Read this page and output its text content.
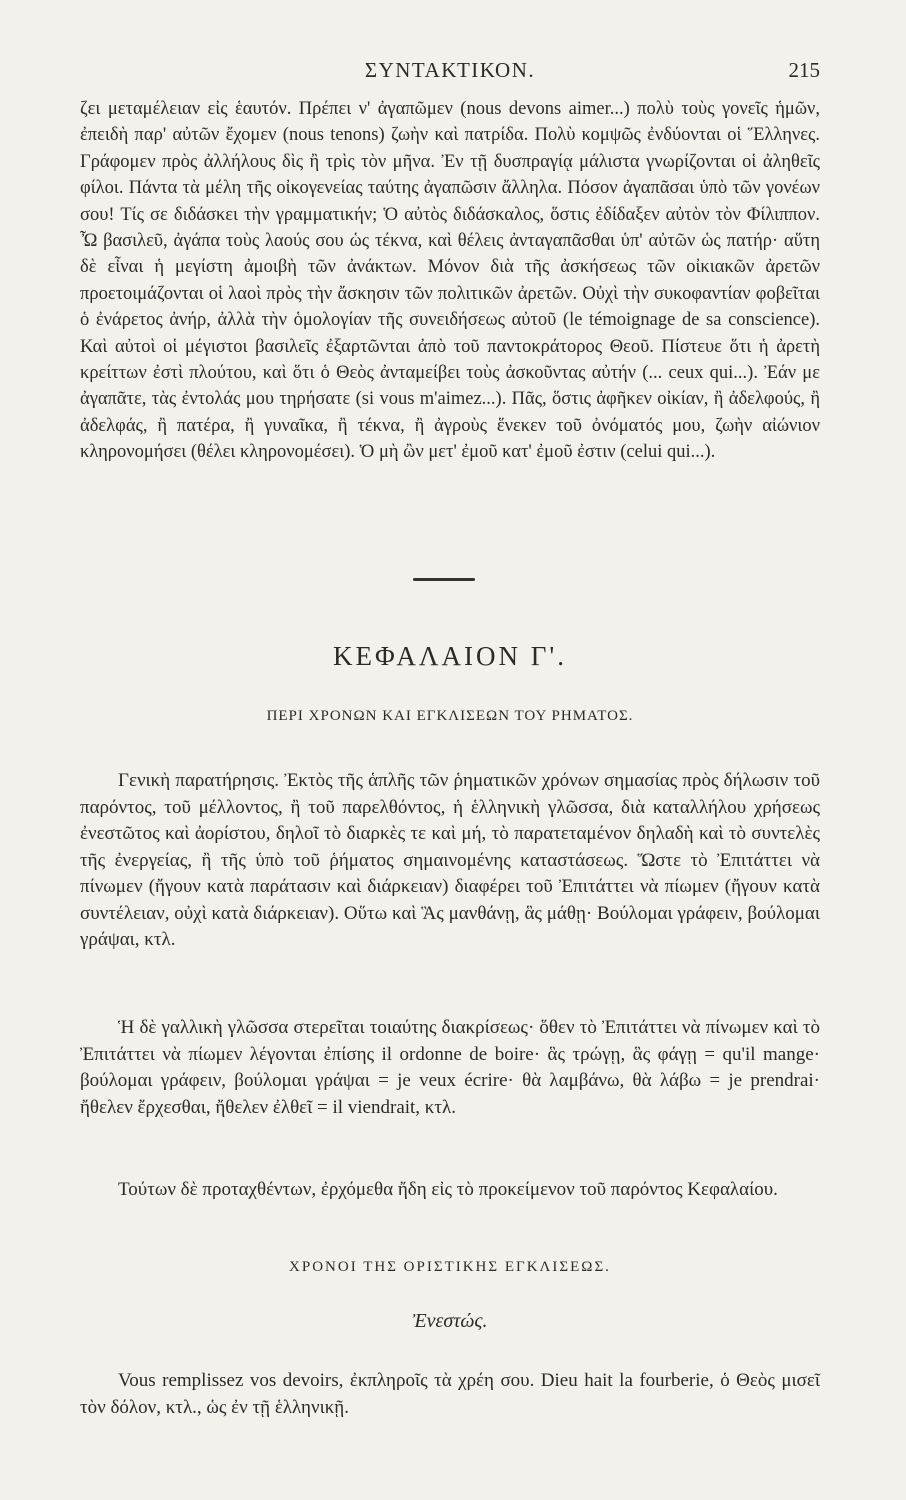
ΣΥΝΤΑΚΤΙΚΟΝ.	215

ζει μεταμέλειαν εἰς ἑαυτόν. Πρέπει ν' ἀγαπῶμεν (nous devons aimer...) πολὺ τοὺς γονεῖς ἡμῶν, ἐπειδὴ παρ' αὐτῶν ἔχομεν (nous tenons) ζωὴν καὶ πατρίδα. Πολὺ κομψῶς ἐνδύονται οἱ Ἕλληνες. Γράφομεν πρὸς ἀλλήλους δὶς ἢ τρὶς τὸν μῆνα. Ἐν τῇ δυσπραγίᾳ μάλιστα γνωρίζονται οἱ ἀληθεῖς φίλοι. Πάντα τὰ μέλη τῆς οἰκογενείας ταύτης ἀγαπῶσιν ἄλληλα. Πόσον ἀγαπᾶσαι ὑπὸ τῶν γονέων σου! Τίς σε διδάσκει τὴν γραμματικήν; Ὁ αὐτὸς διδάσκαλος, ὅστις ἐδίδαξεν αὐτὸν τὸν Φίλιππον. Ὦ βασιλεῦ, ἀγάπα τοὺς λαούς σου ὡς τέκνα, καὶ θέλεις ἀνταγαπᾶσθαι ὑπ' αὐτῶν ὡς πατήρ· αὕτη δὲ εἶναι ἡ μεγίστη ἀμοιβὴ τῶν ἀνάκτων. Μόνον διὰ τῆς ἀσκήσεως τῶν οἰκιακῶν ἀρετῶν προετοιμάζονται οἱ λαοὶ πρὸς τὴν ἄσκησιν τῶν πολιτικῶν ἀρετῶν. Οὐχὶ τὴν συκοφαντίαν φοβεῖται ὁ ἐνάρετος ἀνήρ, ἀλλὰ τὴν ὁμολογίαν τῆς συνειδήσεως αὐτοῦ (le témoignage de sa conscience). Καὶ αὐτοὶ οἱ μέγιστοι βασιλεῖς ἐξαρτῶνται ἀπὸ τοῦ παντοκράτορος Θεοῦ. Πίστευε ὅτι ἡ ἀρετὴ κρείττων ἐστὶ πλούτου, καὶ ὅτι ὁ Θεὸς ἀνταμείβει τοὺς ἀσκοῦντας αὐτήν (... ceux qui...). Ἐάν με ἀγαπᾶτε, τὰς ἐντολάς μου τηρήσατε (si vous m'aimez...). Πᾶς, ὅστις ἀφῆκεν οἰκίαν, ἢ ἀδελφούς, ἢ ἀδελφάς, ἢ πατέρα, ἢ γυναῖκα, ἢ τέκνα, ἢ ἀγροὺς ἕνεκεν τοῦ ὀνόματός μου, ζωὴν αἰώνιον κληρονομήσει (θέλει κληρονομέσει). Ὁ μὴ ὢν μετ' ἐμοῦ κατ' ἐμοῦ ἐστιν (celui qui...).

ΚΕΦΑΛΑΙΟΝ Γ'.
ΠΕΡΙ ΧΡΟΝΩΝ ΚΑΙ ΕΓΚΛΙΣΕΩΝ ΤΟΥ ΡΗΜΑΤΟΣ.

Γενικὴ παρατήρησις. Ἐκτὸς τῆς ἁπλῆς τῶν ῥηματικῶν χρόνων σημασίας πρὸς δήλωσιν τοῦ παρόντος, τοῦ μέλλοντος, ἢ τοῦ παρελθόντος, ἡ ἑλληνικὴ γλῶσσα, διὰ καταλλήλου χρήσεως ἐνεστῶτος καὶ ἀορίστου, δηλοῖ τὸ διαρκὲς τε καὶ μή, τὸ παρατεταμένον δηλαδὴ καὶ τὸ συντελὲς τῆς ἐνεργείας, ἢ τῆς ὑπὸ τοῦ ῥήματος σημαινομένης καταστάσεως. Ὥστε τὸ Ἐπιτάττει νὰ πίνωμεν (ἤγουν κατὰ παράτασιν καὶ διάρκειαν) διαφέρει τοῦ Ἐπιτάττει νὰ πίωμεν (ἤγουν κατὰ συντέλειαν, οὐχὶ κατὰ διάρκειαν). Οὕτω καὶ Ἃς μανθάνῃ, ἃς μάθῃ· Βούλομαι γράφειν, βούλομαι γράψαι, κτλ.

Ἡ δὲ γαλλικὴ γλῶσσα στερεῖται τοιαύτης διακρίσεως· ὅθεν τὸ Ἐπιτάττει νὰ πίνωμεν καὶ τὸ Ἐπιτάττει νὰ πίωμεν λέγονται ἐπίσης il ordonne de boire· ἃς τρώγῃ, ἃς φάγῃ = qu'il mange· βούλομαι γράφειν, βούλομαι γράψαι = je veux écrire· θὰ λαμβάνω, θὰ λάβω = je prendrai· ἤθελεν ἔρχεσθαι, ἤθελεν ἐλθεῖ = il viendrait, κτλ.

Τούτων δὲ προταχθέντων, ἐρχόμεθα ἤδη εἰς τὸ προκείμενον τοῦ παρόντος Κεφαλαίου.

ΧΡΟΝΟΙ ΤΗΣ ΟΡΙΣΤΙΚΗΣ ΕΓΚΛΙΣΕΩΣ.
Ἐνεστώς.

Vous remplissez vos devoirs, ἐκπληροῖς τὰ χρέη σου. Dieu hait la fourberie, ὁ Θεὸς μισεῖ τὸν δόλον, κτλ., ὡς ἐν τῇ ἑλληνικῇ.
